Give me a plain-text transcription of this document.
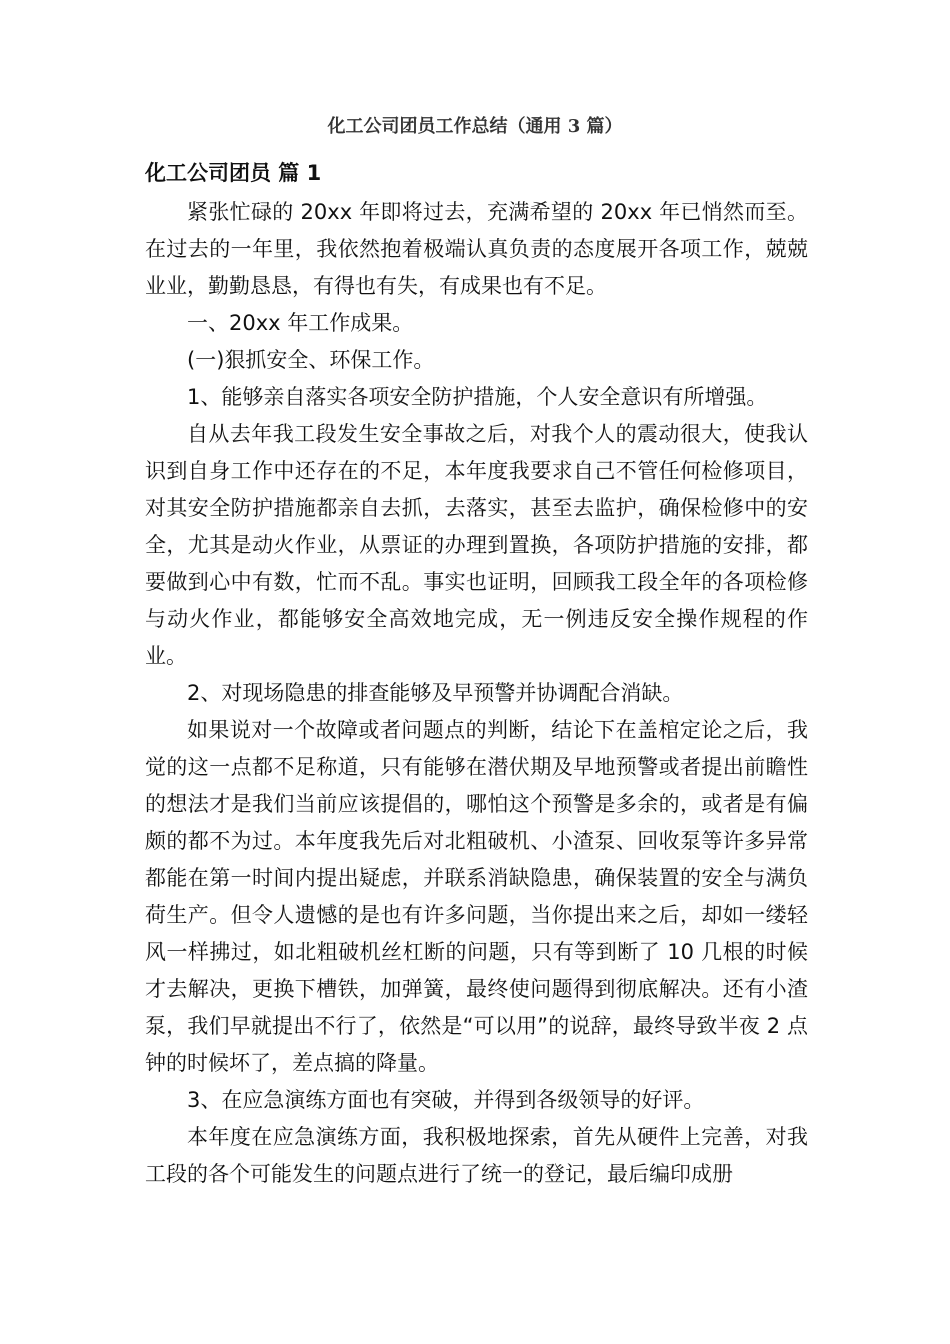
化工公司团员工作总结（通用 3 篇）
化工公司团员 篇 1

紧张忙碌的 20xx 年即将过去，充满希望的 20xx 年已悄然而至。在过去的一年里，我依然抱着极端认真负责的态度展开各项工作，兢兢业业，勤勤恳恳，有得也有失，有成果也有不足。

一、20xx 年工作成果。

(一)狠抓安全、环保工作。

1、能够亲自落实各项安全防护措施，个人安全意识有所增强。

自从去年我工段发生安全事故之后，对我个人的震动很大，使我认识到自身工作中还存在的不足，本年度我要求自己不管任何检修项目，对其安全防护措施都亲自去抓，去落实，甚至去监护，确保检修中的安全，尤其是动火作业，从票证的办理到置换，各项防护措施的安排，都要做到心中有数，忙而不乱。事实也证明，回顾我工段全年的各项检修与动火作业，都能够安全高效地完成，无一例违反安全操作规程的作业。

2、对现场隐患的排查能够及早预警并协调配合消缺。

如果说对一个故障或者问题点的判断，结论下在盖棺定论之后，我觉的这一点都不足称道，只有能够在潜伏期及早地预警或者提出前瞻性的想法才是我们当前应该提倡的，哪怕这个预警是多余的，或者是有偏颇的都不为过。本年度我先后对北粗破机、小渣泵、回收泵等许多异常都能在第一时间内提出疑虑，并联系消缺隐患，确保装置的安全与满负荷生产。但令人遗憾的是也有许多问题，当你提出来之后，却如一缕轻风一样拂过，如北粗破机丝杠断的问题，只有等到断了 10 几根的时候才去解决，更换下槽铁，加弹簧，最终使问题得到彻底解决。还有小渣泵，我们早就提出不行了，依然是“可以用”的说辞，最终导致半夜 2 点钟的时候坏了，差点搞的降量。

3、在应急演练方面也有突破，并得到各级领导的好评。

本年度在应急演练方面，我积极地探索，首先从硬件上完善，对我工段的各个可能发生的问题点进行了统一的登记，最后编印成册
